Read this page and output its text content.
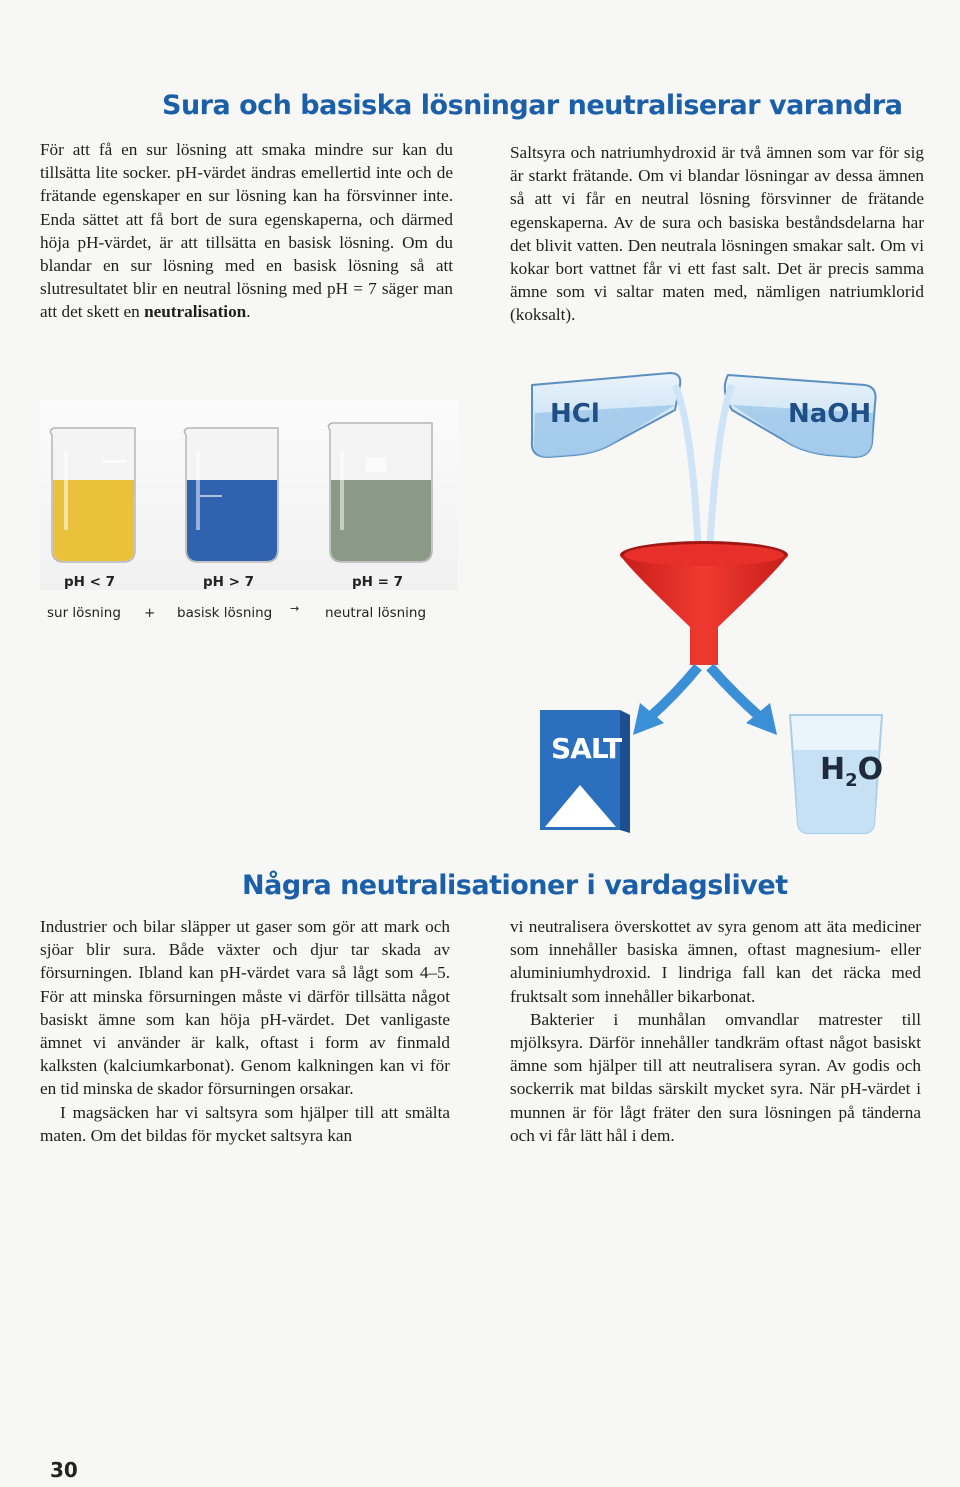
Sura och basiska lösningar neutraliserar varandra

För att få en sur lösning att smaka mindre sur kan du tillsätta lite socker. pH-värdet ändras emellertid inte och de frätande egenskaper en sur lösning kan ha försvinner inte. Enda sättet att få bort de sura egenskaperna, och därmed höja pH-värdet, är att tillsätta en basisk lösning. Om du blandar en sur lösning med en basisk lösning så att slutresultatet blir en neutral lösning med pH = 7 säger man att det skett en neutralisation.

Saltsyra och natriumhydroxid är två ämnen som var för sig är starkt frätande. Om vi blandar lösningar av dessa ämnen så att vi får en neutral lösning försvinner de frätande egenskaperna. Av de sura och basiska beståndsdelarna har det blivit vatten. Den neutrala lösningen smakar salt. Om vi kokar bort vattnet får vi ett fast salt. Det är precis samma ämne som vi saltar maten med, nämligen natriumklorid (koksalt).

pH < 7	pH > 7	pH = 7
sur lösning + basisk lösning → neutral lösning
HCl	NaOH
SALT
$H_2O$
Några neutralisationer i vardagslivet

Industrier och bilar släpper ut gaser som gör att mark och sjöar blir sura. Både växter och djur tar skada av försurningen. Ibland kan pH-värdet vara så lågt som 4–5. För att minska försurningen måste vi därför tillsätta något basiskt ämne som kan höja pH-värdet. Det vanligaste ämnet vi använder är kalk, oftast i form av finmald kalksten (kalciumkarbonat). Genom kalkningen kan vi för en tid minska de skador försurningen orsakar.

I magsäcken har vi saltsyra som hjälper till att smälta maten. Om det bildas för mycket saltsyra kan

vi neutralisera överskottet av syra genom att äta mediciner som innehåller basiska ämnen, oftast magnesium- eller aluminiumhydroxid. I lindriga fall kan det räcka med fruktsalt som innehåller bikarbonat.

Bakterier i munhålan omvandlar matrester till mjölksyra. Därför innehåller tandkräm oftast något basiskt ämne som hjälper till att neutralisera syran. Av godis och sockerrik mat bildas särskilt mycket syra. När pH-värdet i munnen är för lågt fräter den sura lösningen på tänderna och vi får lätt hål i dem.

30
